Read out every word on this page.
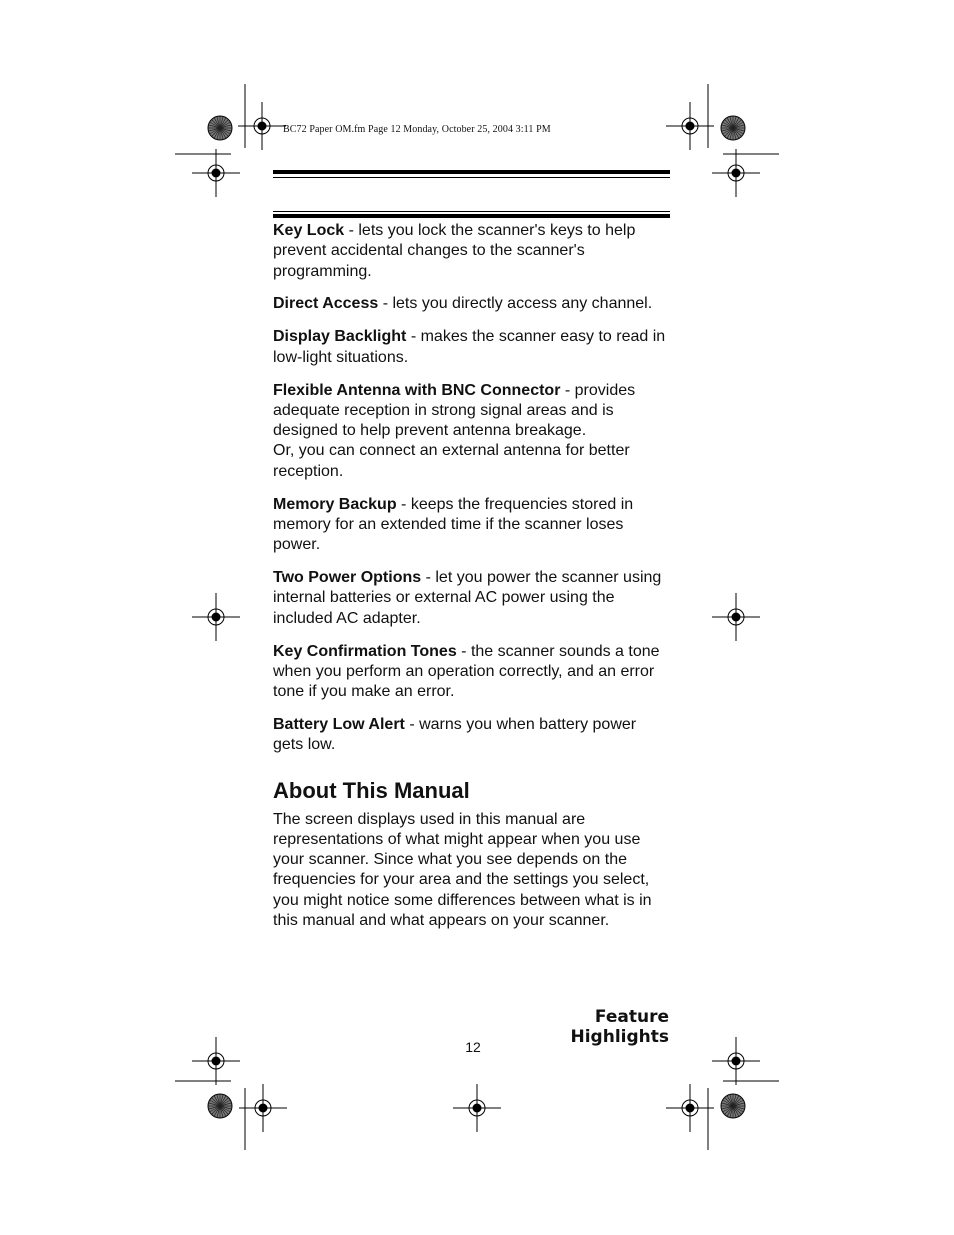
BC72 Paper OM.fm Page 12 Monday, October 25, 2004 3:11 PM

Key Lock - lets you lock the scanner's keys to help prevent accidental changes to the scanner's programming.

Direct Access - lets you directly access any channel.

Display Backlight - makes the scanner easy to read in low-light situations.

Flexible Antenna with BNC Connector - provides adequate reception in strong signal areas and is designed to help prevent antenna breakage.
Or, you can connect an external antenna for better reception.

Memory Backup - keeps the frequencies stored in memory for an extended time if the scanner loses power.

Two Power Options - let you power the scanner using internal batteries or external AC power using the included AC adapter.

Key Confirmation Tones - the scanner sounds a tone when you perform an operation correctly, and an error tone if you make an error.

Battery Low Alert - warns you when battery power gets low.

About This Manual

The screen displays used in this manual are representations of what might appear when you use your scanner. Since what you see depends on the frequencies for your area and the settings you select, you might notice some differences between what is in this manual and what appears on your scanner.

Feature Highlights
12
